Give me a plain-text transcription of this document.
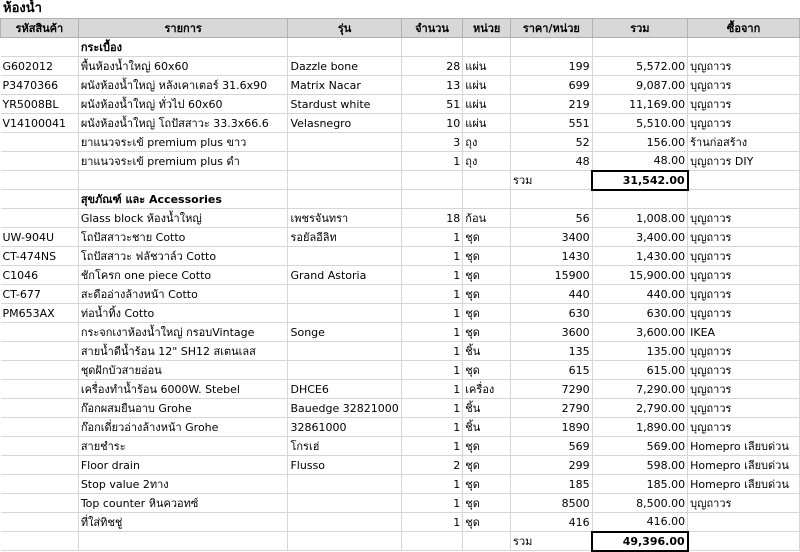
ห้องน้ำ
รหัสสินค้า	รายการ	รุ่น	จำนวน	หน่วย	ราคา/หน่วย	รวม	ซื้อจาก
	กระเบื้อง						
G602012	พื้นห้องน้ำใหญ่ 60x60	Dazzle bone	28	แผ่น	199	5,572.00	บุญถาวร
P3470366	ผนังห้องน้ำใหญ่ หลังเคาเตอร์ 31.6x90	Matrix Nacar	13	แผ่น	699	9,087.00	บุญถาวร
YR5008BL	ผนังห้องน้ำใหญ่ ทั่วไป 60x60	Stardust white	51	แผ่น	219	11,169.00	บุญถาวร
V14100041	ผนังห้องน้ำใหญ่ โถปัสสาวะ 33.3x66.6	Velasnegro	10	แผ่น	551	5,510.00	บุญถาวร
	ยาแนวจระเข้ premium plus ขาว		3	ถุง	52	156.00	ร้านก่อสร้าง
	ยาแนวจระเข้ premium plus ดำ		1	ถุง	48	48.00	บุญถาวร DIY
					รวม	31,542.00	
	สุขภัณฑ์ และ Accessories						
	Glass block ห้องน้ำใหญ่	เพชรจันทรา	18	ก้อน	56	1,008.00	บุญถาวร
UW-904U	โถปัสสาวะชาย Cotto	รอยัลอีลิท	1	ชุด	3400	3,400.00	บุญถาวร
CT-474NS	โถปัสสาวะ ฟลัชวาล์ว Cotto		1	ชุด	1430	1,430.00	บุญถาวร
C1046	ชักโครก one piece Cotto	Grand Astoria	1	ชุด	15900	15,900.00	บุญถาวร
CT-677	สะดืออ่างล้างหน้า Cotto		1	ชุด	440	440.00	บุญถาวร
PM653AX	ท่อน้ำทิ้ง Cotto		1	ชุด	630	630.00	บุญถาวร
	กระจกเงาห้องน้ำใหญ่ กรอบVintage	Songe	1	ชุด	3600	3,600.00	IKEA
	สายน้ำดีน้ำร้อน 12" SH12 สเตนเลส		1	ชิ้น	135	135.00	บุญถาวร
	ชุดฝักบัวสายอ่อน		1	ชุด	615	615.00	บุญถาวร
	เครื่องทำน้ำร้อน 6000W. Stebel	DHCE6	1	เครื่อง	7290	7,290.00	บุญถาวร
	ก๊อกผสมยืนอาบ Grohe	Bauedge 32821000	1	ชิ้น	2790	2,790.00	บุญถาวร
	ก๊อกเดี่ยวอ่างล้างหน้า Grohe	32861000	1	ชิ้น	1890	1,890.00	บุญถาวร
	สายชำระ	โกรเฮ่	1	ชุด	569	569.00	Homepro เลียบด่วน
	Floor drain	Flusso	2	ชุด	299	598.00	Homepro เลียบด่วน
	Stop value 2ทาง		1	ชุด	185	185.00	Homepro เลียบด่วน
	Top counter หินควอทซ์		1	ชุด	8500	8,500.00	บุญถาวร
	ที่ใส่ทิชชู่		1	ชุด	416	416.00	
					รวม	49,396.00	
